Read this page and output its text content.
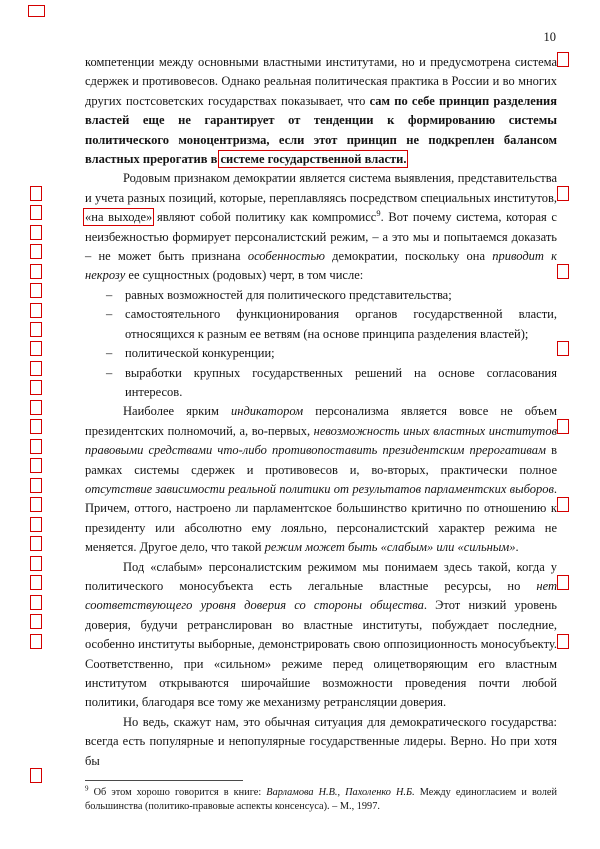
10

компетенции между основными властными институтами, но и предусмотрена система сдержек и противовесов. Однако реальная политическая практика в России и во многих других постсоветских государствах показывает, что сам по себе принцип разделения властей еще не гарантирует от тенденции к формированию системы политического моноцентризма, если этот принцип не подкреплен балансом властных прерогатив в системе государственной власти.

Родовым признаком демократии является система выявления, представительства и учета разных позиций, которые, переплавляясь посредством специальных институтов, «на выходе» являют собой политику как компромисс$^9$. Вот почему система, которая с неизбежностью формирует персоналистский режим, – а это мы и попытаемся доказать – не может быть признана особенностью демократии, поскольку она приводит к некрозу ее сущностных (родовых) черт, в том числе:

– равных возможностей для политического представительства;
– самостоятельного функционирования органов государственной власти, относящихся к разным ее ветвям (на основе принципа разделения властей);
– политической конкуренции;
– выработки крупных государственных решений на основе согласования интересов.

Наиболее ярким индикатором персонализма является вовсе не объем президентских полномочий, а, во-первых, невозможность иных властных институтов правовыми средствами что-либо противопоставить президентским прерогативам в рамках системы сдержек и противовесов и, во-вторых, практически полное отсутствие зависимости реальной политики от результатов парламентских выборов. Причем, оттого, настроено ли парламентское большинство критично по отношению к президенту или абсолютно ему лояльно, персоналистский характер режима не меняется. Другое дело, что такой режим может быть «слабым» или «сильным».

Под «слабым» персоналистским режимом мы понимаем здесь такой, когда у политического моносубъекта есть легальные властные ресурсы, но нет соответствующего уровня доверия со стороны общества. Этот низкий уровень доверия, будучи ретранслирован во властные институты, побуждает последние, особенно институты выборные, демонстрировать свою оппозиционность моносубъекту. Соответственно, при «сильном» режиме перед олицетворяющим его властным институтом открываются широчайшие возможности проведения почти любой политики, благодаря все тому же механизму ретрансляции доверия.

Но ведь, скажут нам, это обычная ситуация для демократического государства: всегда есть популярные и непопулярные государственные лидеры. Верно. Но при хотя бы

$^9$ Об этом хорошо говорится в книге: Варламова Н.В., Пахоленко Н.Б. Между единогласием и волей большинства (политико-правовые аспекты консенсуса). – М., 1997.
